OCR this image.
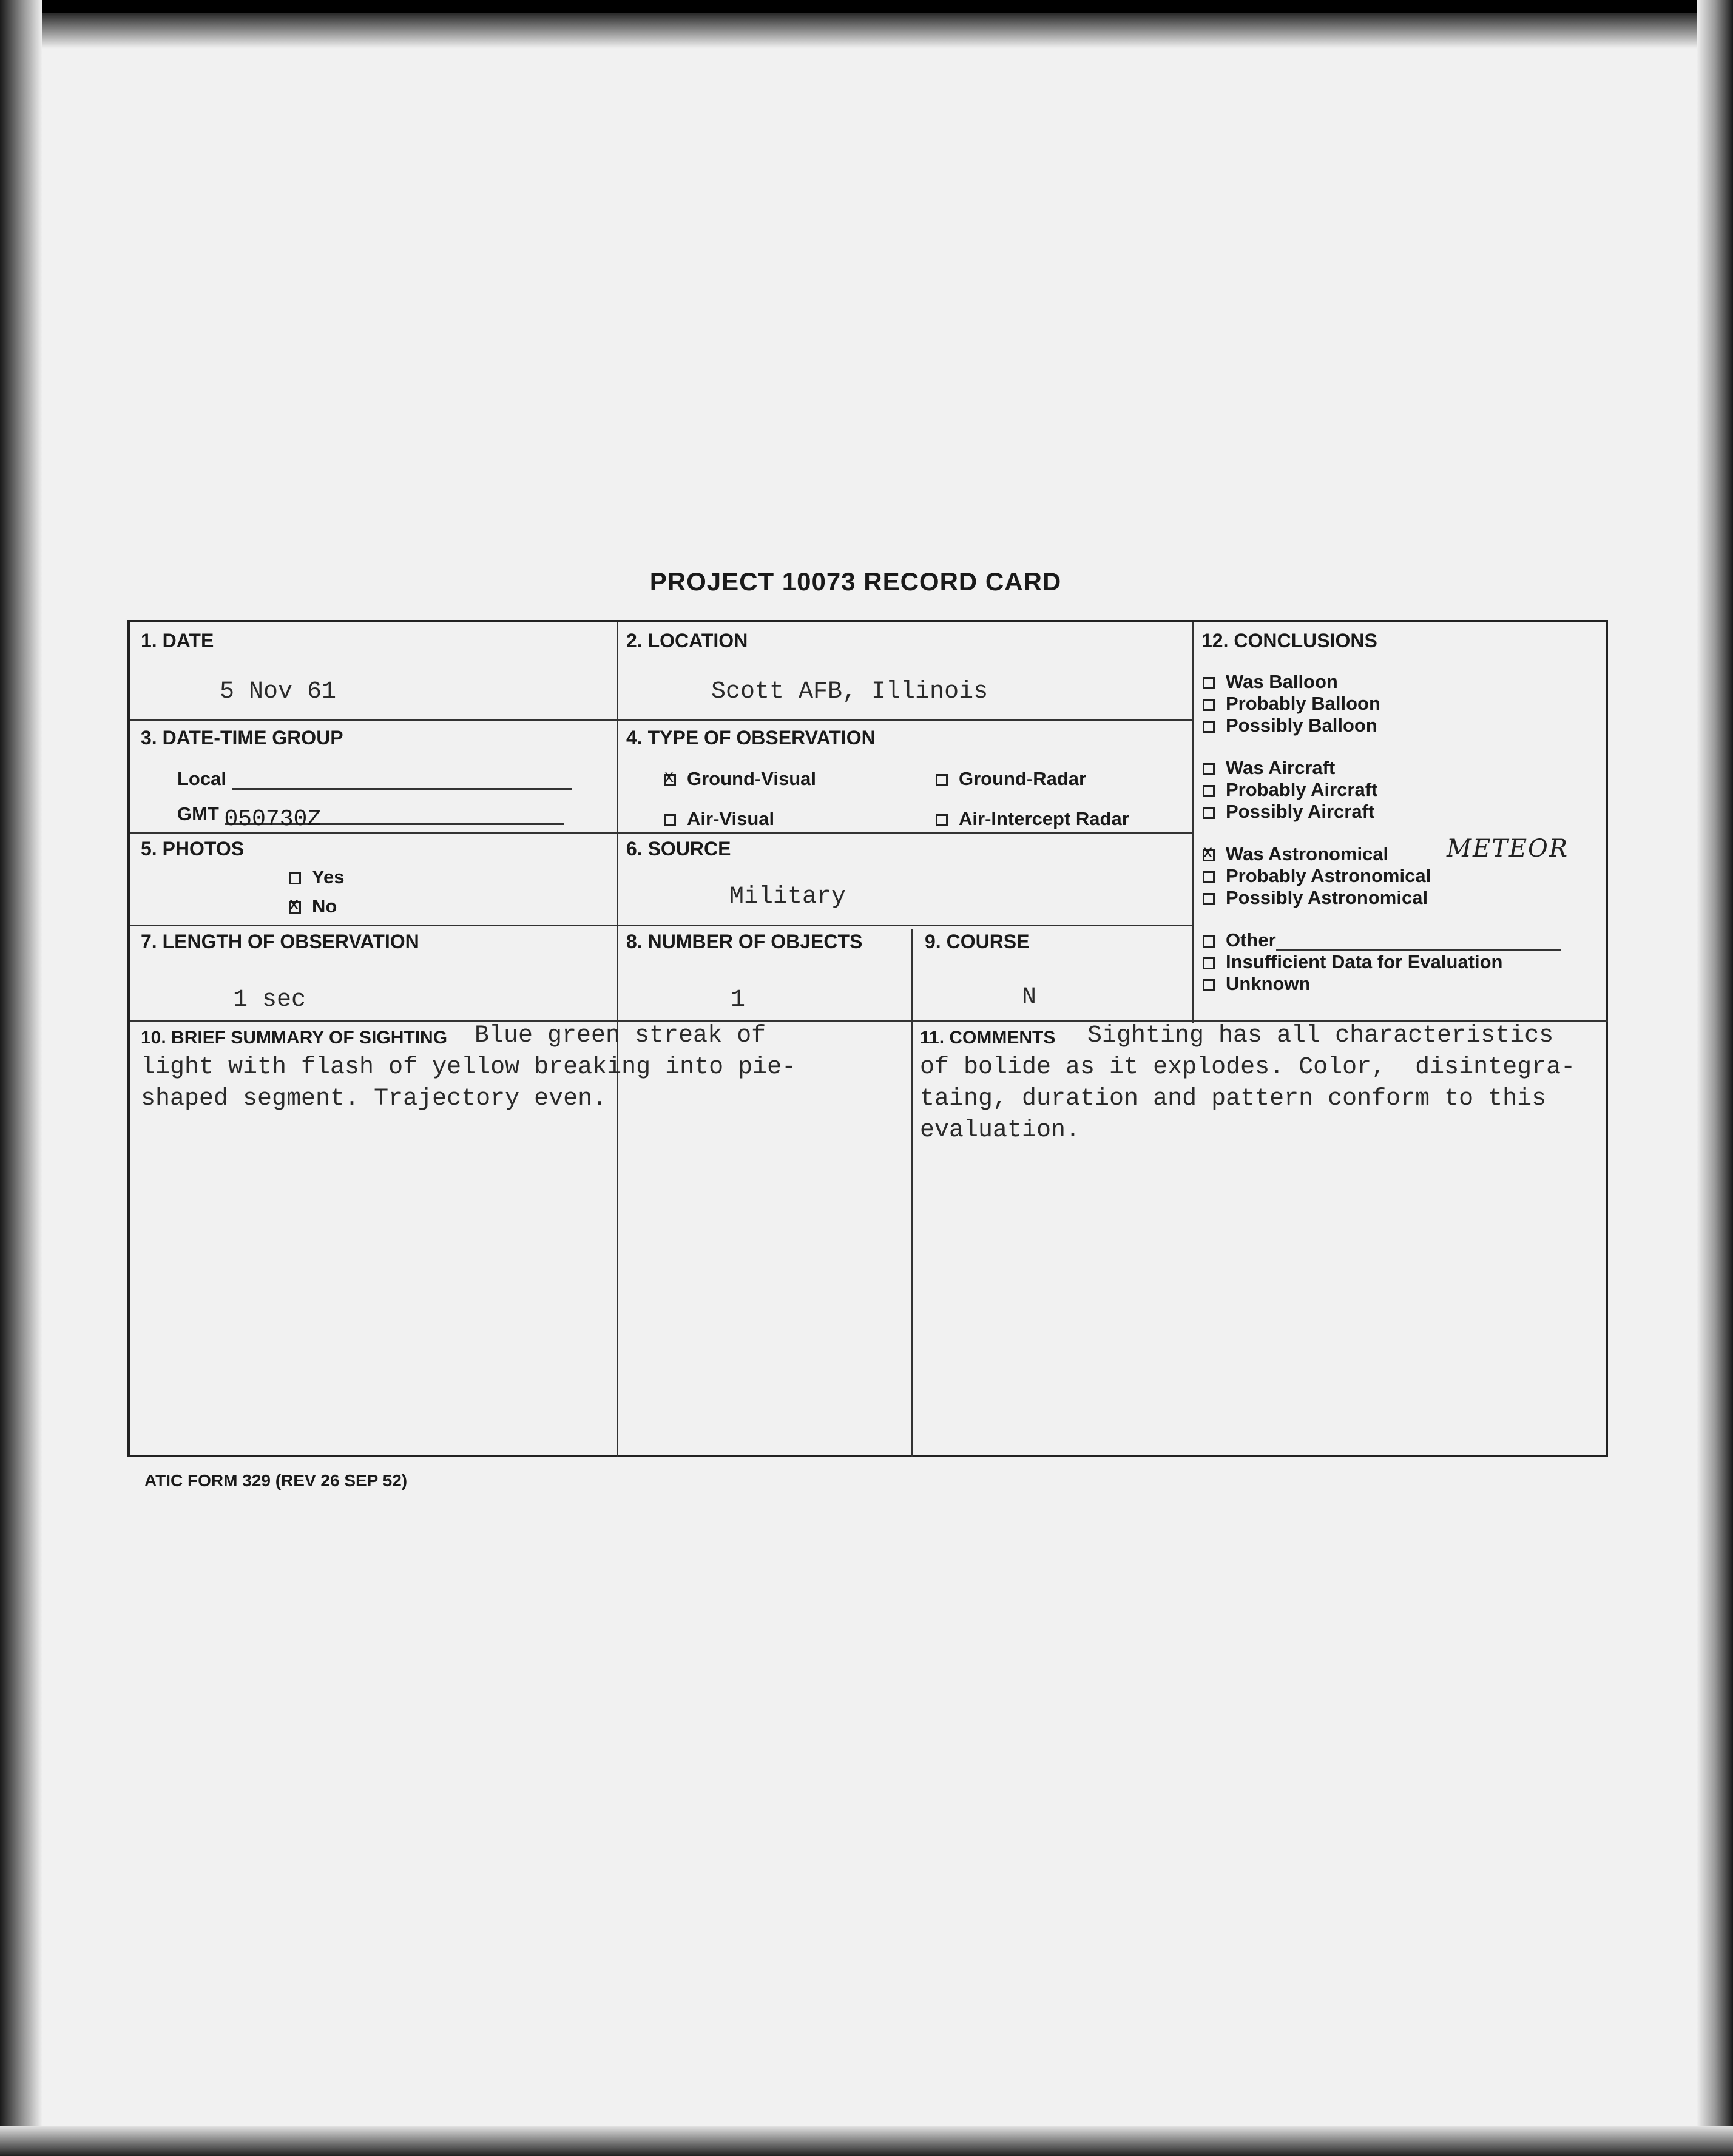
PROJECT 10073 RECORD CARD
1. DATE
5 Nov 61
2. LOCATION
Scott AFB, Illinois
3. DATE-TIME GROUP
Local
GMT 050730Z
4. TYPE OF OBSERVATION
xGround-Visual	Ground-Radar
Air-Visual	Air-Intercept Radar
5. PHOTOS
Yes
xNo
6. SOURCE
Military
7. LENGTH OF OBSERVATION
1 sec
8. NUMBER OF OBJECTS
1
9. COURSE
N
10. BRIEF SUMMARY OF SIGHTING Blue green streak of
light with flash of yellow breaking into pie-
shaped segment. Trajectory even.
11. COMMENTS Sighting has all characteristics
of bolide as it explodes. Color,  disintegra-
taing, duration and pattern conform to this
evaluation.
12. CONCLUSIONS
Was Balloon
Probably Balloon
Possibly Balloon
Was Aircraft
Probably Aircraft
Possibly Aircraft
xWas Astronomical METEOR
Probably Astronomical
Possibly Astronomical
Other
Insufficient Data for Evaluation
Unknown
ATIC FORM 329 (REV 26 SEP 52)
